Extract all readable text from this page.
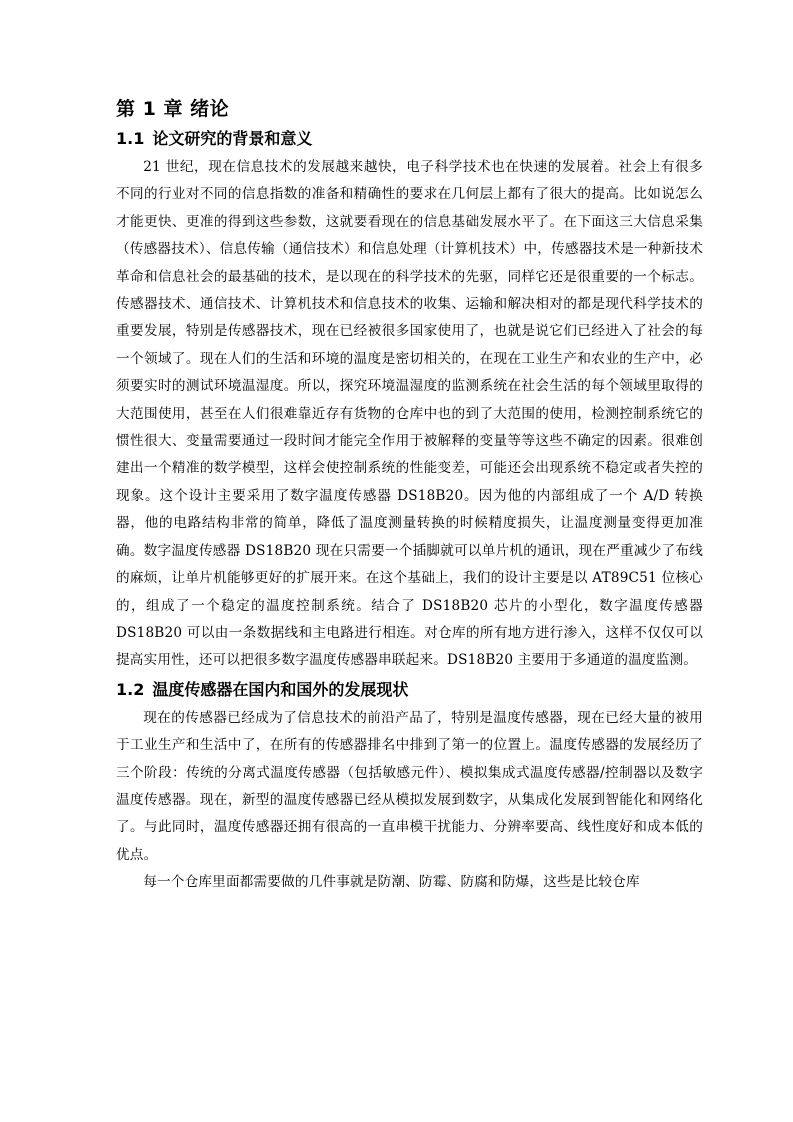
第 1 章 绪论
1.1 论文研究的背景和意义

21 世纪，现在信息技术的发展越来越快，电子科学技术也在快速的发展着。社会上有很多不同的行业对不同的信息指数的准备和精确性的要求在几何层上都有了很大的提高。比如说怎么才能更快、更准的得到这些参数，这就要看现在的信息基础发展水平了。在下面这三大信息采集（传感器技术）、信息传输（通信技术）和信息处理（计算机技术）中，传感器技术是一种新技术革命和信息社会的最基础的技术，是以现在的科学技术的先驱，同样它还是很重要的一个标志。传感器技术、通信技术、计算机技术和信息技术的收集、运输和解决相对的都是现代科学技术的重要发展，特别是传感器技术，现在已经被很多国家使用了，也就是说它们已经进入了社会的每一个领域了。现在人们的生活和环境的温度是密切相关的，在现在工业生产和农业的生产中，必须要实时的测试环境温湿度。所以，探究环境温湿度的监测系统在社会生活的每个领域里取得的大范围使用，甚至在人们很难靠近存有货物的仓库中也的到了大范围的使用，检测控制系统它的惯性很大、变量需要通过一段时间才能完全作用于被解释的变量等等这些不确定的因素。很难创建出一个精准的数学模型，这样会使控制系统的性能变差，可能还会出现系统不稳定或者失控的现象。这个设计主要采用了数字温度传感器 DS18B20。因为他的内部组成了一个 A/D 转换器，他的电路结构非常的简单，降低了温度测量转换的时候精度损失，让温度测量变得更加准确。数字温度传感器 DS18B20 现在只需要一个插脚就可以单片机的通讯，现在严重减少了布线的麻烦，让单片机能够更好的扩展开来。在这个基础上，我们的设计主要是以 AT89C51 位核心的，组成了一个稳定的温度控制系统。结合了 DS18B20 芯片的小型化，数字温度传感器 DS18B20 可以由一条数据线和主电路进行相连。对仓库的所有地方进行渗入，这样不仅仅可以提高实用性，还可以把很多数字温度传感器串联起来。DS18B20 主要用于多通道的温度监测。

1.2 温度传感器在国内和国外的发展现状

现在的传感器已经成为了信息技术的前沿产品了，特别是温度传感器，现在已经大量的被用于工业生产和生活中了，在所有的传感器排名中排到了第一的位置上。温度传感器的发展经历了三个阶段：传统的分离式温度传感器（包括敏感元件）、模拟集成式温度传感器/控制器以及数字温度传感器。现在，新型的温度传感器已经从模拟发展到数字，从集成化发展到智能化和网络化了。与此同时，温度传感器还拥有很高的一直串模干扰能力、分辨率要高、线性度好和成本低的优点。

每一个仓库里面都需要做的几件事就是防潮、防霉、防腐和防爆，这些是比较仓库
